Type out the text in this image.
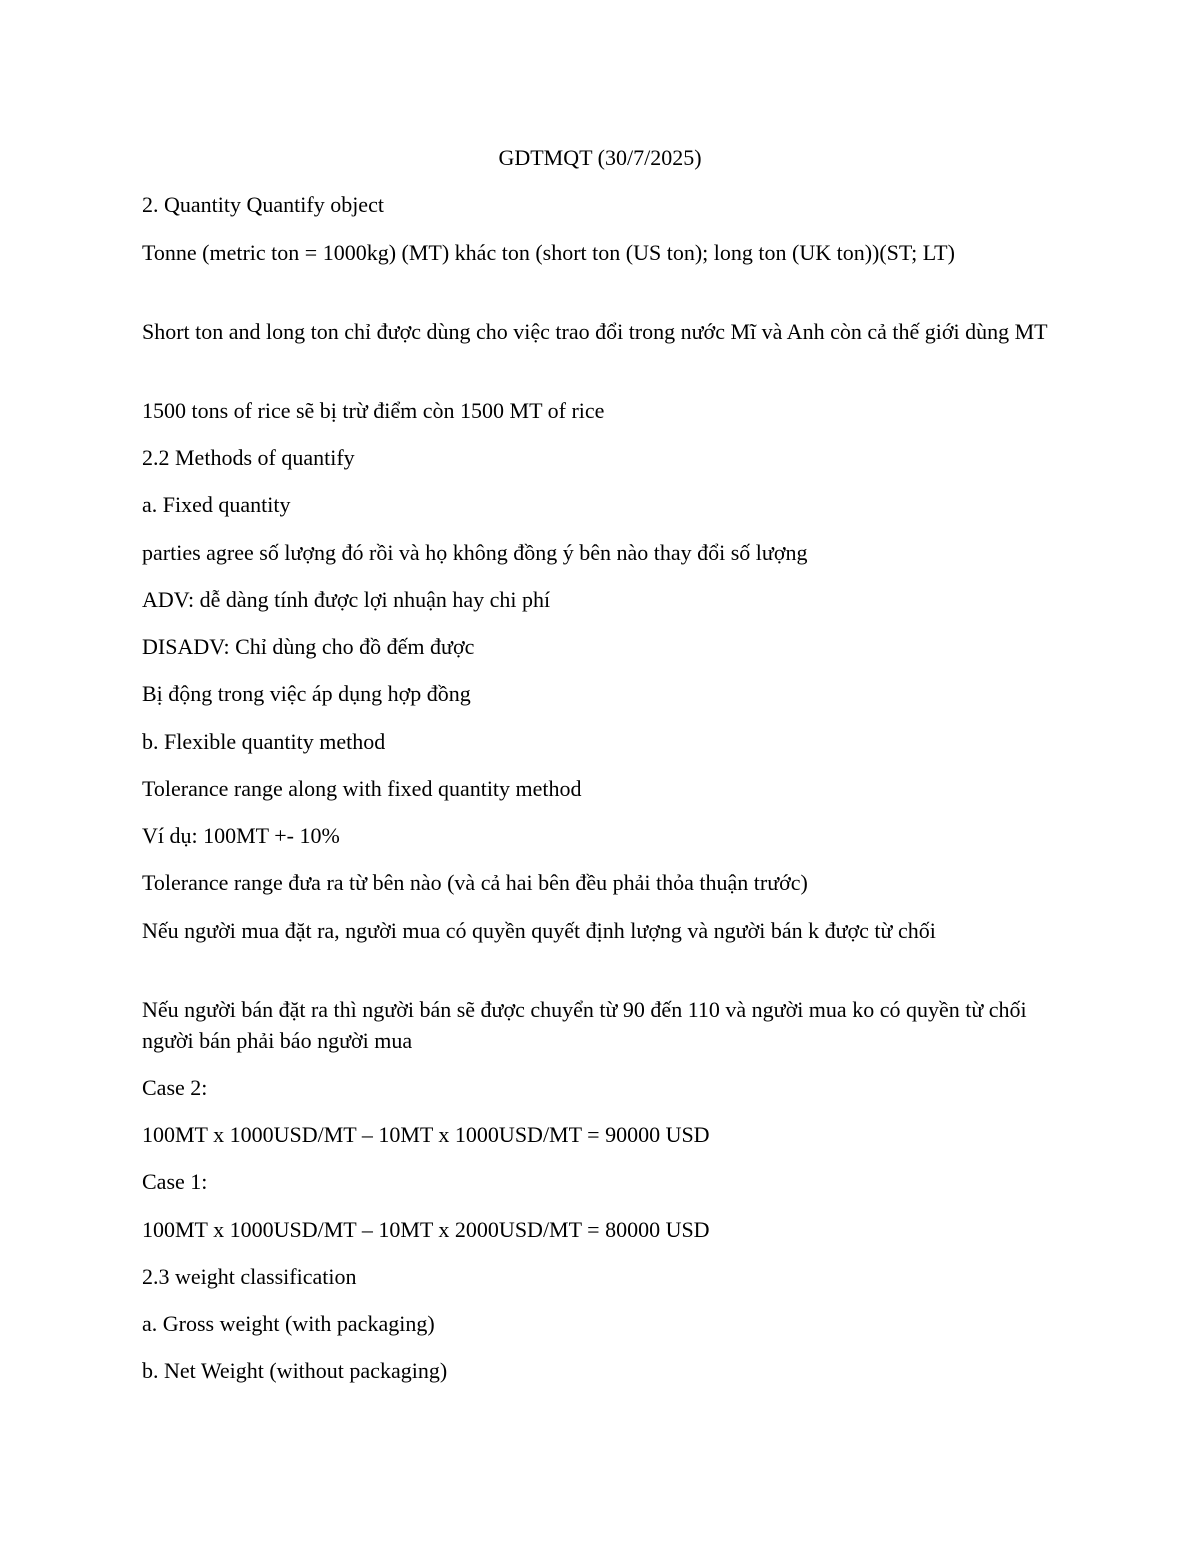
GDTMQT (30/7/2025)

2. Quantity Quantify object

Tonne (metric ton = 1000kg) (MT) khác ton (short ton (US ton); long ton (UK ton))(ST; LT)

Short ton and long ton chỉ được dùng cho việc trao đổi trong nước Mĩ và Anh còn cả thế giới dùng MT

1500 tons of rice sẽ bị trừ điểm còn 1500 MT of rice

2.2 Methods of quantify

a. Fixed quantity

parties agree số lượng đó rồi và họ không đồng ý bên nào thay đổi số lượng

ADV: dễ dàng tính được lợi nhuận hay chi phí

DISADV: Chỉ dùng cho đồ đếm được

Bị động trong việc áp dụng hợp đồng

b. Flexible quantity method

Tolerance range along with fixed quantity method

Ví dụ: 100MT +- 10%

Tolerance range đưa ra từ bên nào (và cả hai bên đều phải thỏa thuận trước)

Nếu người mua đặt ra, người mua có quyền quyết định lượng và người bán k được từ chối

Nếu người bán đặt ra thì người bán sẽ được chuyển từ 90 đến 110 và người mua ko có quyền từ chối người bán phải báo người mua

Case 2:

100MT x 1000USD/MT – 10MT x 1000USD/MT = 90000 USD

Case 1:

100MT x 1000USD/MT – 10MT x 2000USD/MT = 80000 USD

2.3 weight classification

a. Gross weight (with packaging)

b. Net Weight (without packaging)
